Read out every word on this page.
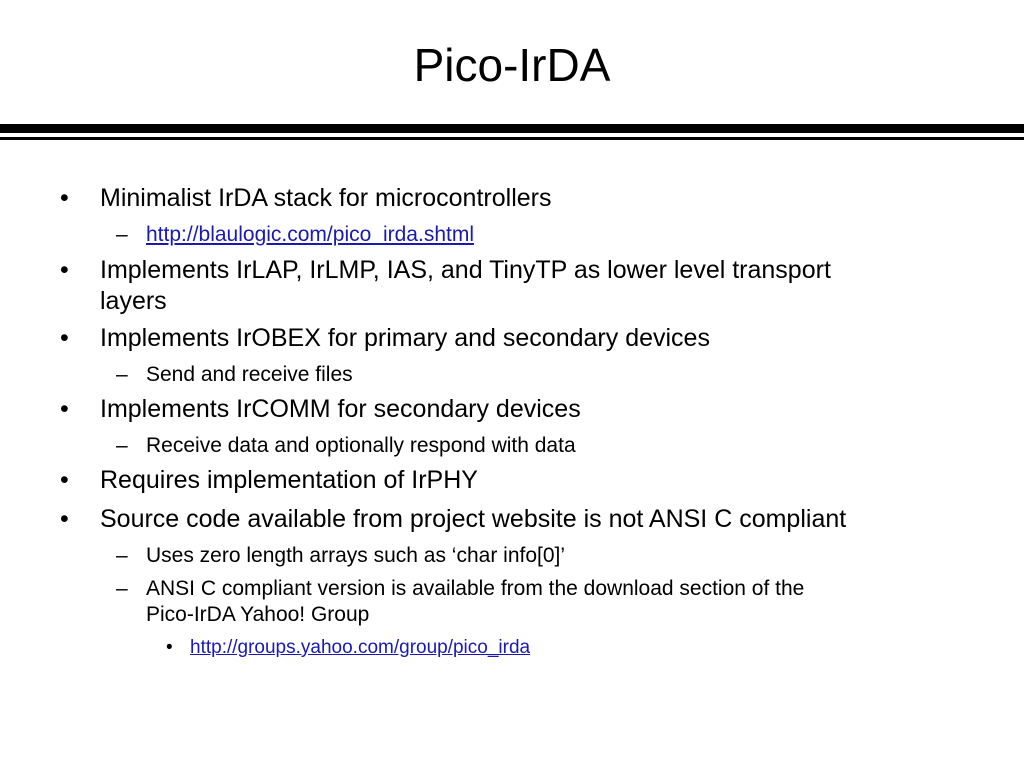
Pico-IrDA
• Minimalist IrDA stack for microcontrollers
– http://blaulogic.com/pico_irda.shtml
• Implements IrLAP, IrLMP, IAS, and TinyTP as lower level transport
layers
• Implements IrOBEX for primary and secondary devices
– Send and receive files
• Implements IrCOMM for secondary devices
– Receive data and optionally respond with data
• Requires implementation of IrPHY
• Source code available from project website is not ANSI C compliant
– Uses zero length arrays such as ‘char info[0]’
– ANSI C compliant version is available from the download section of the
Pico-IrDA Yahoo! Group
• http://groups.yahoo.com/group/pico_irda
